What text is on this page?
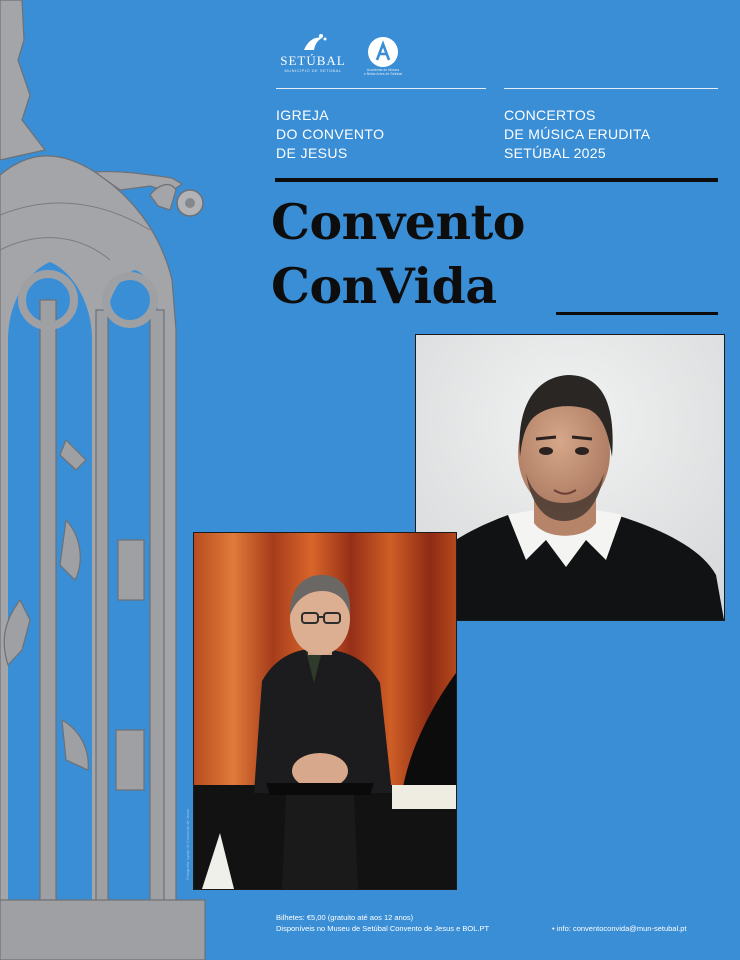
SETÚBAL
MUNICÍPIO DE SETÚBAL	Academia de Música
e Belas Artes de Setúbal
IGREJA
DO CONVENTO
DE JESUS
CONCERTOS
DE MÚSICA ERUDITA
SETÚBAL 2025
Convento
ConVida
Fotografia: Igreja do Convento de Jesus
Bilhetes: €5,00 (gratuito até aos 12 anos)
Disponíveis no Museu de Setúbal Convento de Jesus e BOL.PT	• info: conventoconvida@mun-setubal.pt
